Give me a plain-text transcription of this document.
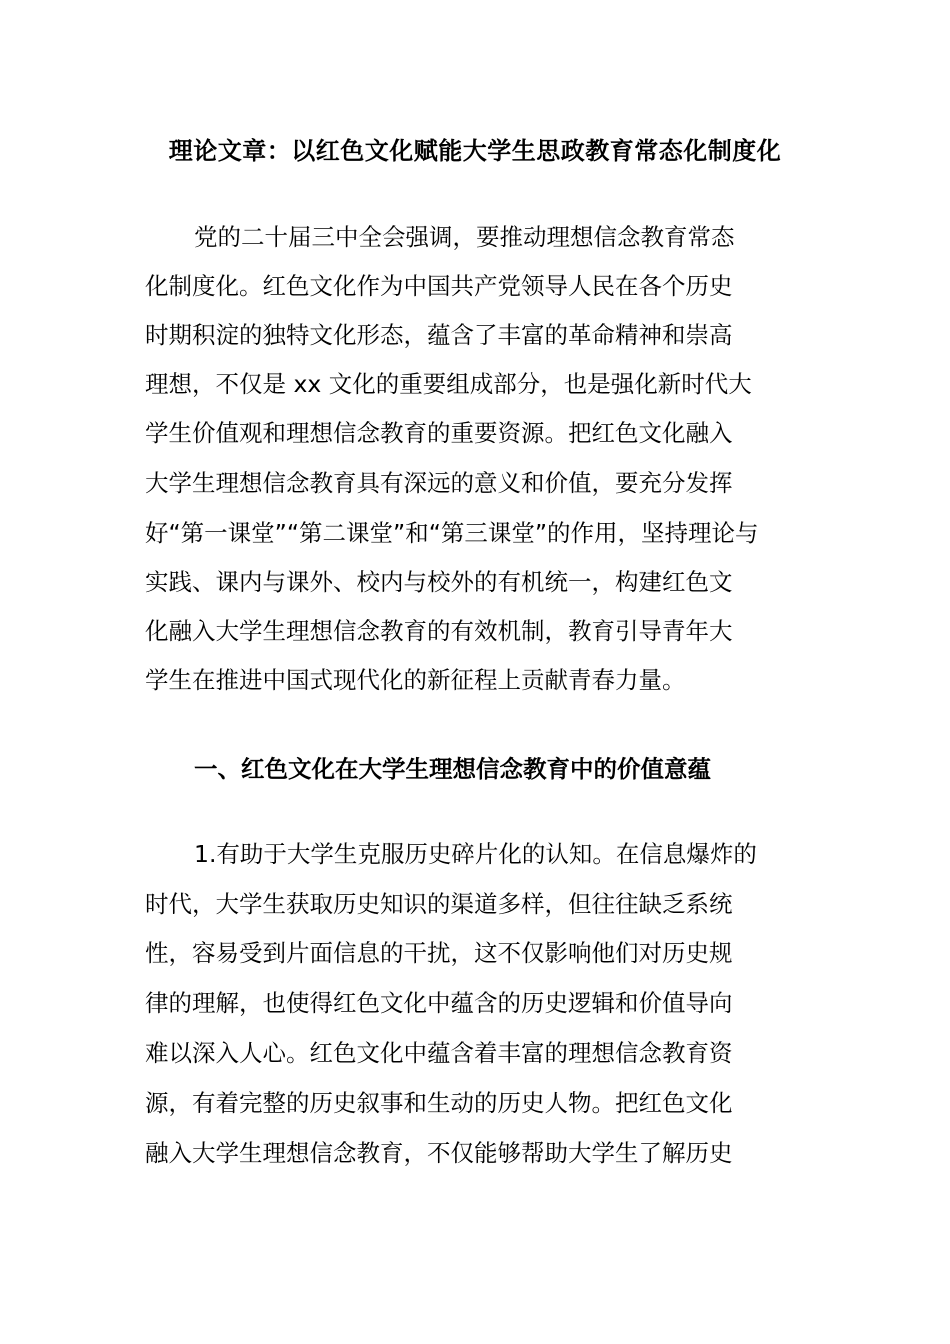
理论文章：以红色文化赋能大学生思政教育常态化制度化
党的二十届三中全会强调，要推动理想信念教育常态
化制度化。红色文化作为中国共产党领导人民在各个历史
时期积淀的独特文化形态，蕴含了丰富的革命精神和崇高
理想，不仅是 xx 文化的重要组成部分，也是强化新时代大
学生价值观和理想信念教育的重要资源。把红色文化融入
大学生理想信念教育具有深远的意义和价值，要充分发挥
好“第一课堂”“第二课堂”和“第三课堂”的作用，坚持理论与
实践、课内与课外、校内与校外的有机统一，构建红色文
化融入大学生理想信念教育的有效机制，教育引导青年大
学生在推进中国式现代化的新征程上贡献青春力量。
一、红色文化在大学生理想信念教育中的价值意蕴
1.有助于大学生克服历史碎片化的认知。在信息爆炸的
时代，大学生获取历史知识的渠道多样，但往往缺乏系统
性，容易受到片面信息的干扰，这不仅影响他们对历史规
律的理解，也使得红色文化中蕴含的历史逻辑和价值导向
难以深入人心。红色文化中蕴含着丰富的理想信念教育资
源，有着完整的历史叙事和生动的历史人物。把红色文化
融入大学生理想信念教育，不仅能够帮助大学生了解历史
